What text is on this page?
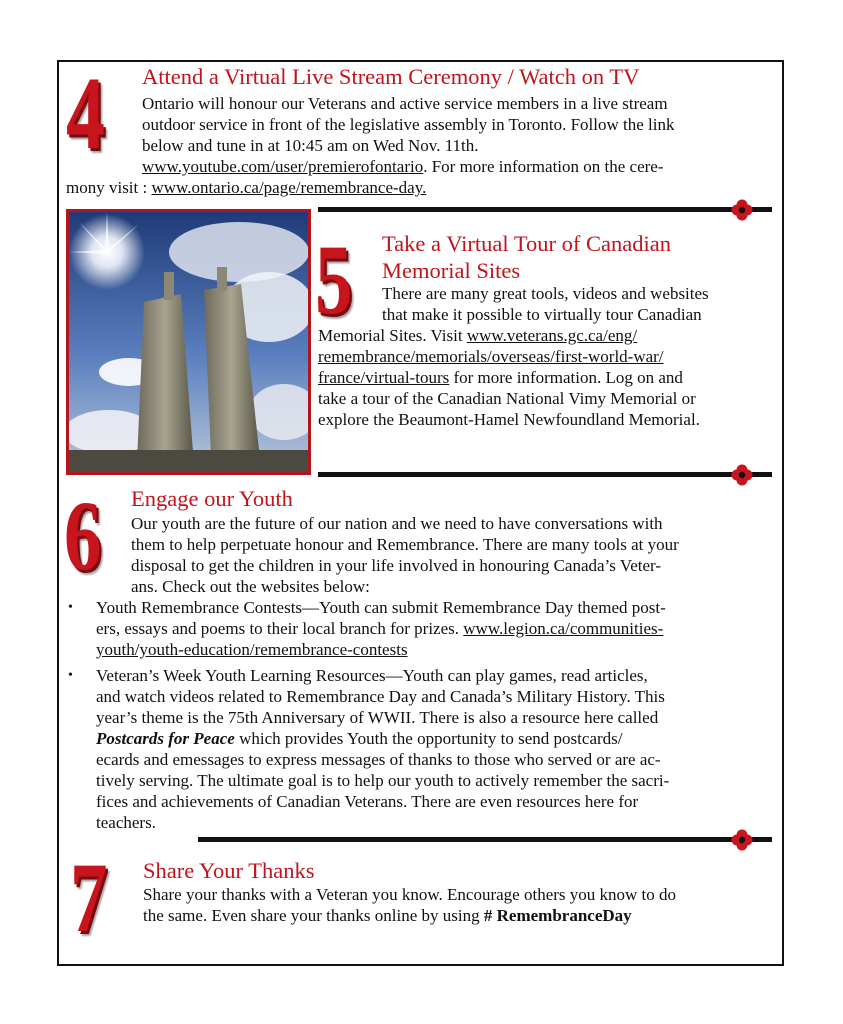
4 Attend a Virtual Live Stream Ceremony / Watch on TV
Ontario will honour our Veterans and active service members in a live stream
outdoor service in front of the legislative assembly in Toronto. Follow the link
below and tune in at 10:45 am on Wed Nov. 11th.
www.youtube.com/user/premierofontario. For more information on the cere-
mony visit : www.ontario.ca/page/remembrance-day.
5 Take a Virtual Tour of Canadian
Memorial Sites
There are many great tools, videos and websites
that make it possible to virtually tour Canadian
Memorial Sites. Visit www.veterans.gc.ca/eng/
remembrance/memorials/overseas/first-world-war/
france/virtual-tours for more information. Log on and
take a tour of the Canadian National Vimy Memorial or
explore the Beaumont-Hamel Newfoundland Memorial.
6 Engage our Youth
Our youth are the future of our nation and we need to have conversations with
them to help perpetuate honour and Remembrance. There are many tools at your
disposal to get the children in your life involved in honouring Canada’s Veter-
ans. Check out the websites below:
• Youth Remembrance Contests—Youth can submit Remembrance Day themed post-
ers, essays and poems to their local branch for prizes. www.legion.ca/communities-
youth/youth-education/remembrance-contests
• Veteran’s Week Youth Learning Resources—Youth can play games, read articles,
and watch videos related to Remembrance Day and Canada’s Military History. This
year’s theme is the 75th Anniversary of WWII. There is also a resource here called
Postcards for Peace which provides Youth the opportunity to send postcards/
ecards and emessages to express messages of thanks to those who served or are ac-
tively serving. The ultimate goal is to help our youth to actively remember the sacri-
fices and achievements of Canadian Veterans. There are even resources here for
teachers.
7 Share Your Thanks
Share your thanks with a Veteran you know. Encourage others you know to do
the same. Even share your thanks online by using # RemembranceDay
